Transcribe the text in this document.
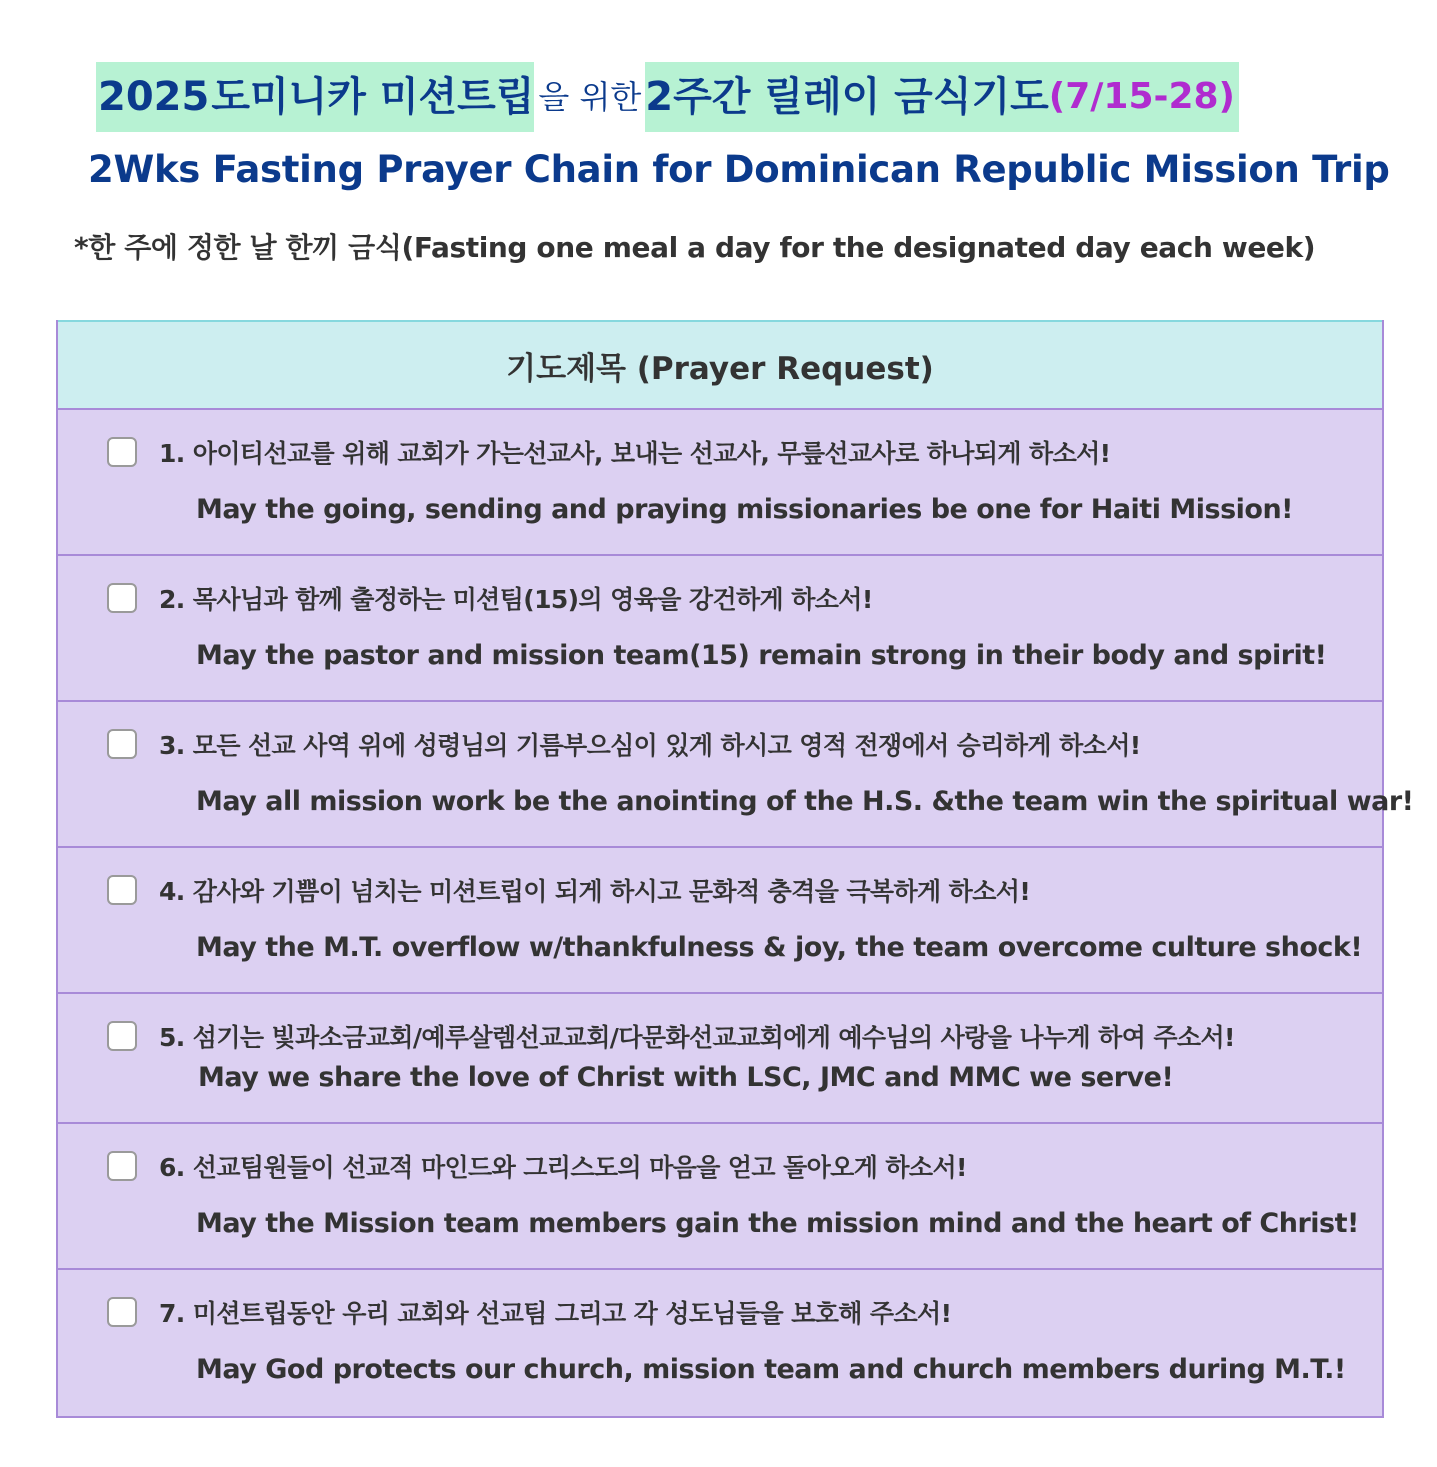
2025 도미니카 미션트립 을 위한 2주간 릴레이 금식기도 (7/15-28)
2Wks Fasting Prayer Chain for Dominican Republic Mission Trip
*한 주에 정한 날 한끼 금식(Fasting one meal a day for the designated day each week)
기도제목 (Prayer Request)
1. 아이티선교를 위해 교회가 가는선교사, 보내는 선교사, 무릎선교사로 하나되게 하소서!
May the going, sending and praying missionaries be one for Haiti Mission!
2. 목사님과 함께 출정하는 미션팀(15)의 영육을 강건하게 하소서!
May the pastor and mission team(15) remain strong in their body and spirit!
3. 모든 선교 사역 위에 성령님의 기름부으심이 있게 하시고 영적 전쟁에서 승리하게 하소서!
May all mission work be the anointing of the H.S. &the team win the spiritual war!
4. 감사와 기쁨이 넘치는 미션트립이 되게 하시고 문화적 충격을 극복하게 하소서!
May the M.T. overflow w/thankfulness & joy, the team overcome culture shock!
5. 섬기는 빛과소금교회/예루살렘선교교회/다문화선교교회에게 예수님의 사랑을 나누게 하여 주소서!
May we share the love of Christ with LSC, JMC and MMC we serve!
6. 선교팀원들이 선교적 마인드와 그리스도의 마음을 얻고 돌아오게 하소서!
May the Mission team members gain the mission mind and the heart of Christ!
7. 미션트립동안 우리 교회와 선교팀 그리고 각 성도님들을 보호해 주소서!
May God protects our church, mission team and church members during M.T.!
